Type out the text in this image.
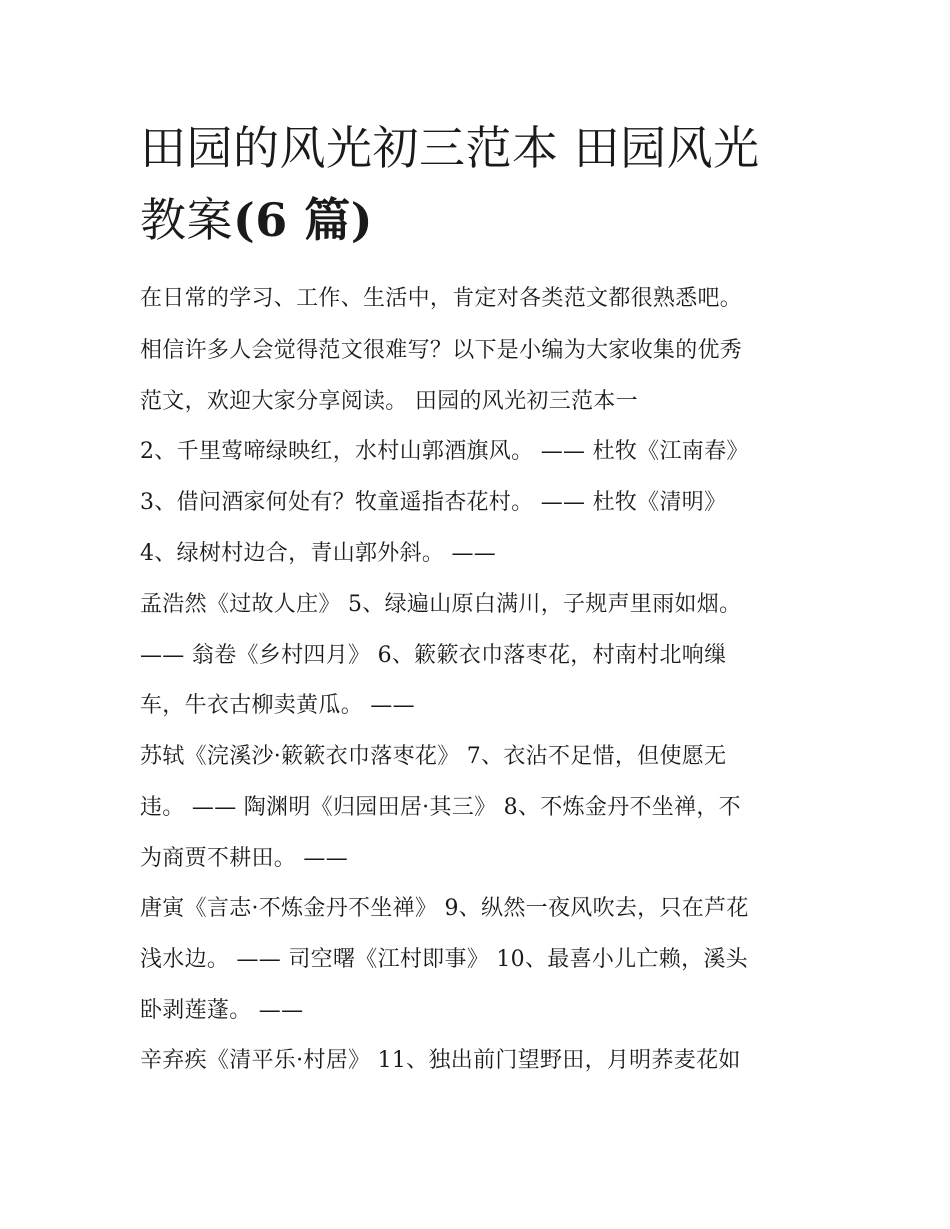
田园的风光初三范本 田园风光
教案(6 篇)
在日常的学习、工作、生活中，肯定对各类范文都很熟悉吧。
相信许多人会觉得范文很难写？以下是小编为大家收集的优秀
范文，欢迎大家分享阅读。 田园的风光初三范本一
2、千里莺啼绿映红，水村山郭酒旗风。 —— 杜牧《江南春》
3、借问酒家何处有？牧童遥指杏花村。 —— 杜牧《清明》
4、绿树村边合，青山郭外斜。 ——
孟浩然《过故人庄》 5、绿遍山原白满川，子规声里雨如烟。
—— 翁卷《乡村四月》 6、簌簌衣巾落枣花，村南村北响缫
车，牛衣古柳卖黄瓜。 ——
苏轼《浣溪沙·簌簌衣巾落枣花》 7、衣沾不足惜，但使愿无
违。 —— 陶渊明《归园田居·其三》 8、不炼金丹不坐禅，不
为商贾不耕田。 ——
唐寅《言志·不炼金丹不坐禅》 9、纵然一夜风吹去，只在芦花
浅水边。 —— 司空曙《江村即事》 10、最喜小儿亡赖，溪头
卧剥莲蓬。 ——
辛弃疾《清平乐·村居》 11、独出前门望野田，月明荞麦花如
